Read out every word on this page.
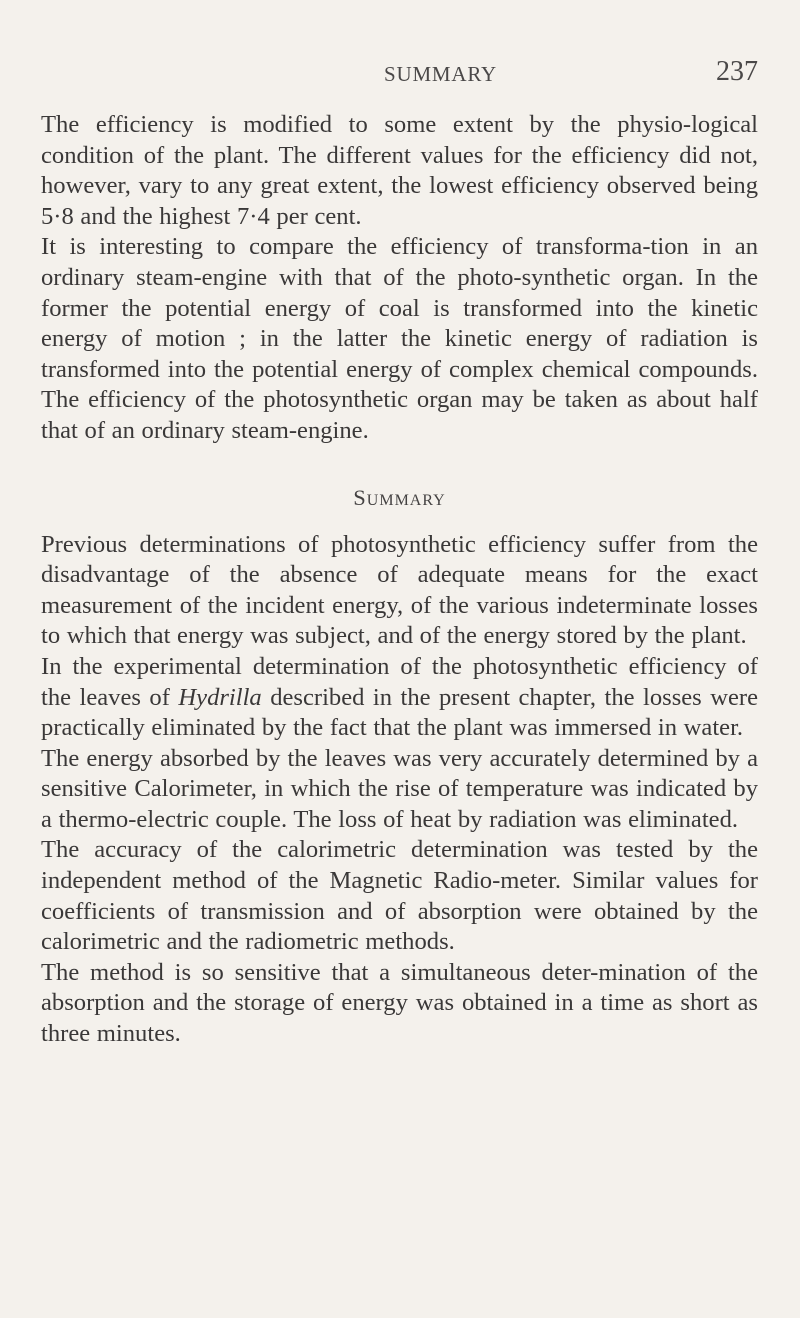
SUMMARY	237

The efficiency is modified to some extent by the physio-logical condition of the plant. The different values for the efficiency did not, however, vary to any great extent, the lowest efficiency observed being 5·8 and the highest 7·4 per cent.

It is interesting to compare the efficiency of transforma-tion in an ordinary steam-engine with that of the photo-synthetic organ. In the former the potential energy of coal is transformed into the kinetic energy of motion ; in the latter the kinetic energy of radiation is transformed into the potential energy of complex chemical compounds. The efficiency of the photosynthetic organ may be taken as about half that of an ordinary steam-engine.

Summary

Previous determinations of photosynthetic efficiency suffer from the disadvantage of the absence of adequate means for the exact measurement of the incident energy, of the various indeterminate losses to which that energy was subject, and of the energy stored by the plant.

In the experimental determination of the photosynthetic efficiency of the leaves of Hydrilla described in the present chapter, the losses were practically eliminated by the fact that the plant was immersed in water.

The energy absorbed by the leaves was very accurately determined by a sensitive Calorimeter, in which the rise of temperature was indicated by a thermo-electric couple. The loss of heat by radiation was eliminated.

The accuracy of the calorimetric determination was tested by the independent method of the Magnetic Radio-meter. Similar values for coefficients of transmission and of absorption were obtained by the calorimetric and the radiometric methods.

The method is so sensitive that a simultaneous deter-mination of the absorption and the storage of energy was obtained in a time as short as three minutes.
